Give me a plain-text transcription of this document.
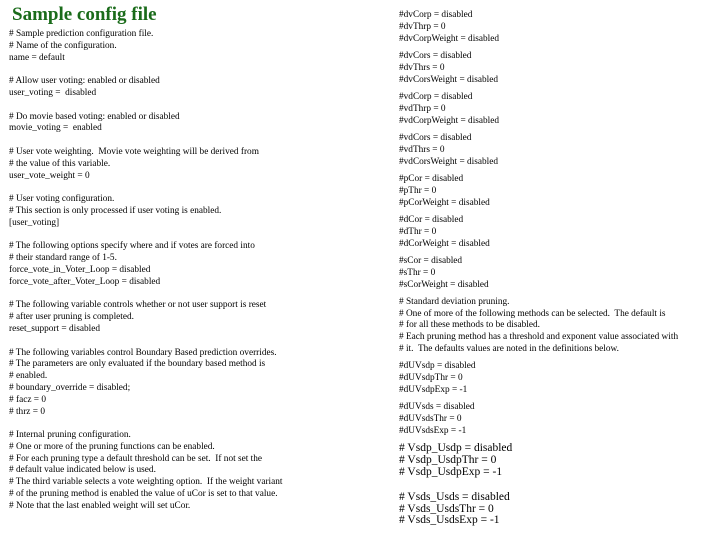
Sample config file
# Sample prediction configuration file.
# Name of the configuration.
name = default
# Allow user voting: enabled or disabled
user_voting =  disabled
# Do movie based voting: enabled or disabled
movie_voting =  enabled
# User vote weighting.  Movie vote weighting will be derived from
# the value of this variable.
user_vote_weight = 0
# User voting configuration.
# This section is only processed if user voting is enabled.
[user_voting]
# The following options specify where and if votes are forced into
# their standard range of 1-5.
force_vote_in_Voter_Loop = disabled
force_vote_after_Voter_Loop = disabled
# The following variable controls whether or not user support is reset
# after user pruning is completed.
reset_support = disabled
# The following variables control Boundary Based prediction overrides.
# The parameters are only evaluated if the boundary based method is
# enabled.
# boundary_override = disabled;
# facz = 0
# thrz = 0
# Internal pruning configuration.
# One or more of the pruning functions can be enabled.
# For each pruning type a default threshold can be set.  If not set the
# default value indicated below is used.
# The third variable selects a vote weighting option.  If the weight variant
# of the pruning method is enabled the value of uCor is set to that value.
# Note that the last enabled weight will set uCor.
#dvCorp = disabled
#dvThrp = 0
#dvCorpWeight = disabled
#dvCors = disabled
#dvThrs = 0
#dvCorsWeight = disabled
#vdCorp = disabled
#vdThrp = 0
#vdCorpWeight = disabled
#vdCors = disabled
#vdThrs = 0
#vdCorsWeight = disabled
#pCor = disabled
#pThr = 0
#pCorWeight = disabled
#dCor = disabled
#dThr = 0
#dCorWeight = disabled
#sCor = disabled
#sThr = 0
#sCorWeight = disabled
# Standard deviation pruning.
# One of more of the following methods can be selected.  The default is
# for all these methods to be disabled.
# Each pruning method has a threshold and exponent value associated with
# it.  The defaults values are noted in the definitions below.
#dUVsdp = disabled
#dUVsdpThr = 0
#dUVsdpExp = -1
#dUVsds = disabled
#dUVsdsThr = 0
#dUVsdsExp = -1
# Vsdp_Usdp = disabled
# Vsdp_UsdpThr = 0
# Vsdp_UsdpExp = -1
# Vsds_Usds = disabled
# Vsds_UsdsThr = 0
# Vsds_UsdsExp = -1
